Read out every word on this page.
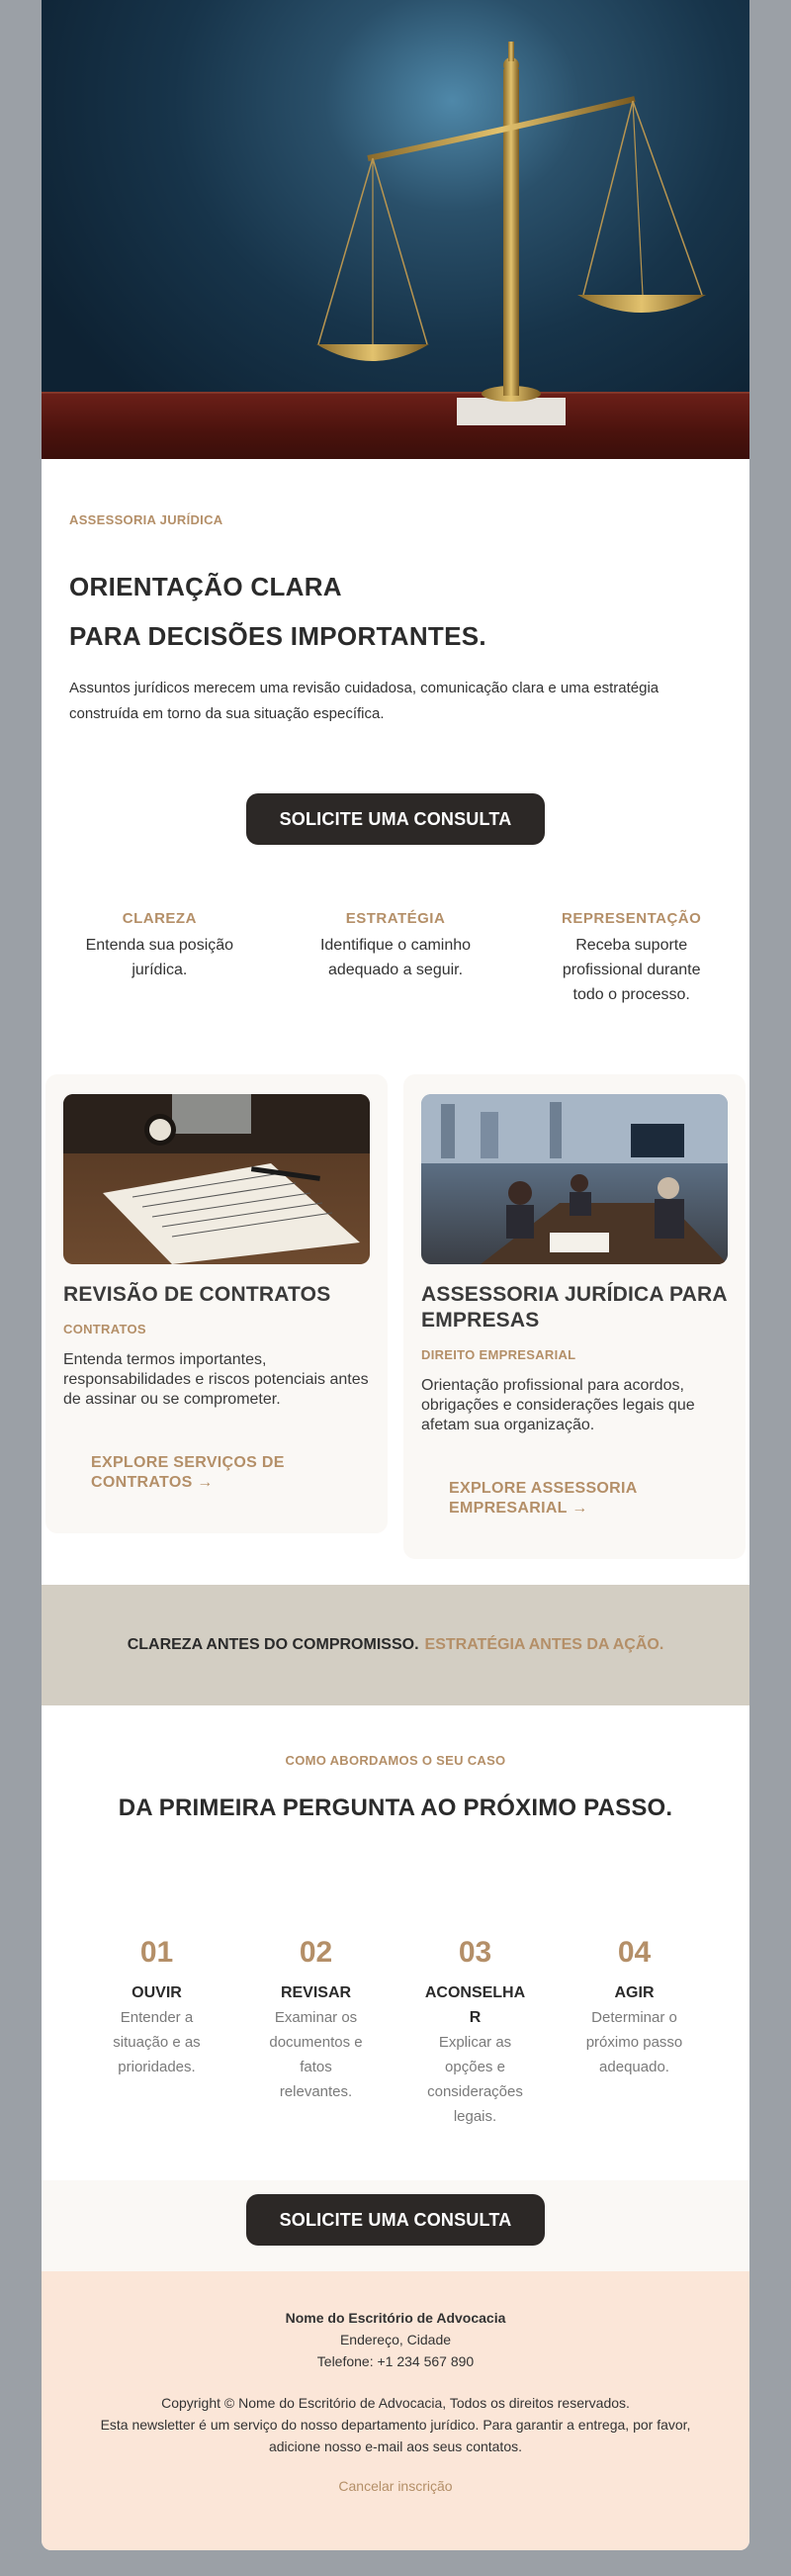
ASSESSORIA JURÍDICA
ORIENTAÇÃO CLARA
PARA DECISÕES IMPORTANTES.
Assuntos jurídicos merecem uma revisão cuidadosa, comunicação clara e uma estratégia construída em torno da sua situação específica.
SOLICITE UMA CONSULTA
CLAREZA
Entenda sua posição jurídica.
ESTRATÉGIA
Identifique o caminho adequado a seguir.
REPRESENTAÇÃO
Receba suporte profissional durante todo o processo.
REVISÃO DE CONTRATOS
CONTRATOS
Entenda termos importantes, responsabilidades e riscos potenciais antes de assinar ou se comprometer.
EXPLORE SERVIÇOS DE CONTRATOS →
ASSESSORIA JURÍDICA PARA EMPRESAS
DIREITO EMPRESARIAL
Orientação profissional para acordos, obrigações e considerações legais que afetam sua organização.
EXPLORE ASSESSORIA EMPRESARIAL →
CLAREZA ANTES DO COMPROMISSO. ESTRATÉGIA ANTES DA AÇÃO.
COMO ABORDAMOS O SEU CASO
DA PRIMEIRA PERGUNTA AO PRÓXIMO PASSO.
01
OUVIR
Entender a situação e as prioridades.
02
REVISAR
Examinar os documentos e fatos relevantes.
03
ACONSELHAR
Explicar as opções e considerações legais.
04
AGIR
Determinar o próximo passo adequado.
SOLICITE UMA CONSULTA
Nome do Escritório de Advocacia
Endereço, Cidade
Telefone: +1 234 567 890
Copyright © Nome do Escritório de Advocacia, Todos os direitos reservados.
Esta newsletter é um serviço do nosso departamento jurídico. Para garantir a entrega, por favor,
adicione nosso e-mail aos seus contatos.
Cancelar inscrição
